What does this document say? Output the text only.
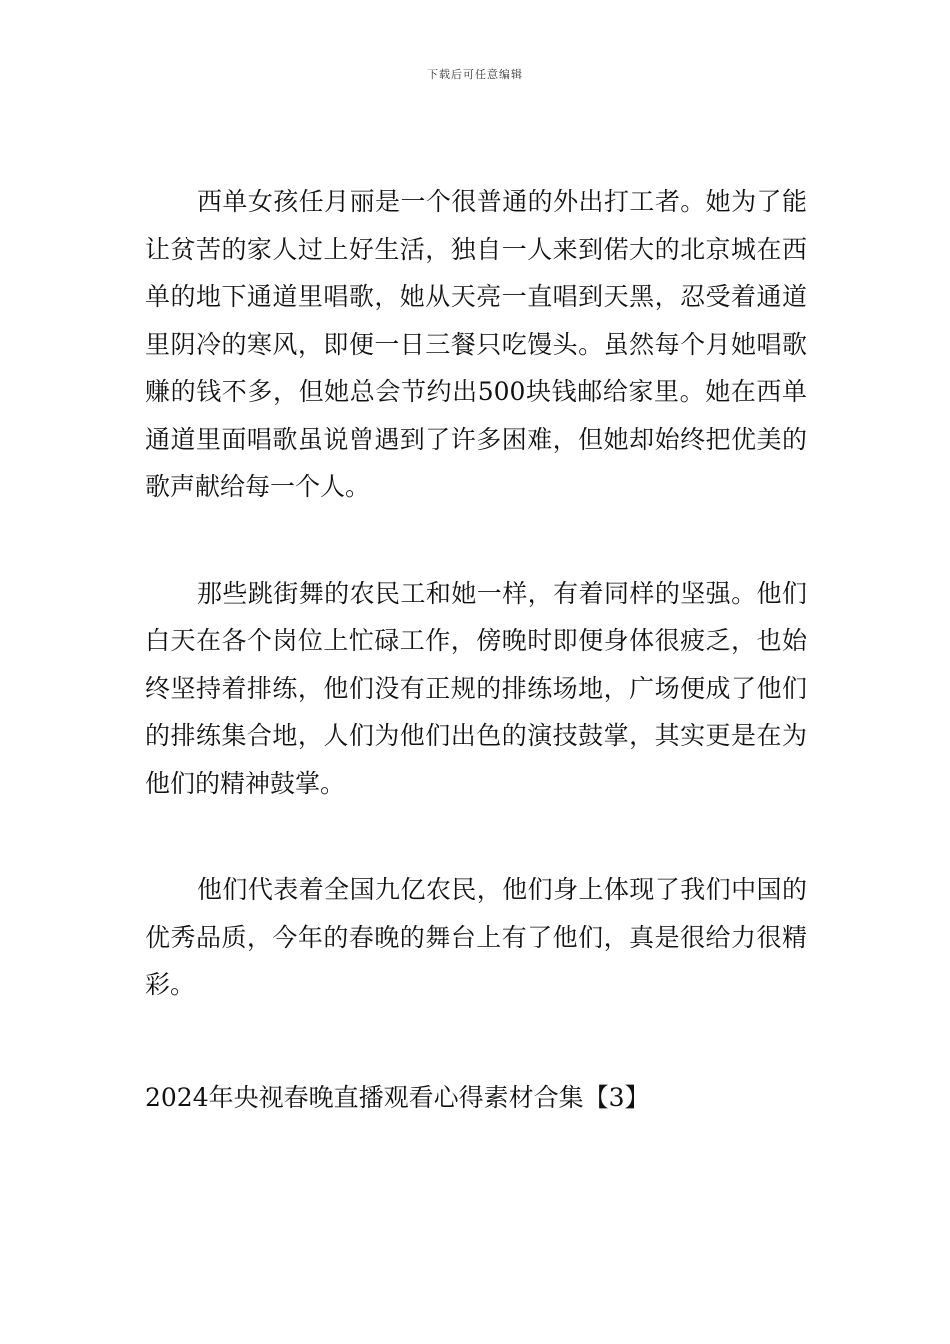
下载后可任意编辑

西单女孩任月丽是一个很普通的外出打工者。她为了能让贫苦的家人过上好生活，独自一人来到偌大的北京城在西单的地下通道里唱歌，她从天亮一直唱到天黑，忍受着通道里阴冷的寒风，即便一日三餐只吃馒头。虽然每个月她唱歌赚的钱不多，但她总会节约出500块钱邮给家里。她在西单通道里面唱歌虽说曾遇到了许多困难，但她却始终把优美的歌声献给每一个人。

那些跳街舞的农民工和她一样，有着同样的坚强。他们白天在各个岗位上忙碌工作，傍晚时即便身体很疲乏，也始终坚持着排练，他们没有正规的排练场地，广场便成了他们的排练集合地，人们为他们出色的演技鼓掌，其实更是在为他们的精神鼓掌。

他们代表着全国九亿农民，他们身上体现了我们中国的优秀品质，今年的春晚的舞台上有了他们，真是很给力很精彩。

2024年央视春晚直播观看心得素材合集【3】
